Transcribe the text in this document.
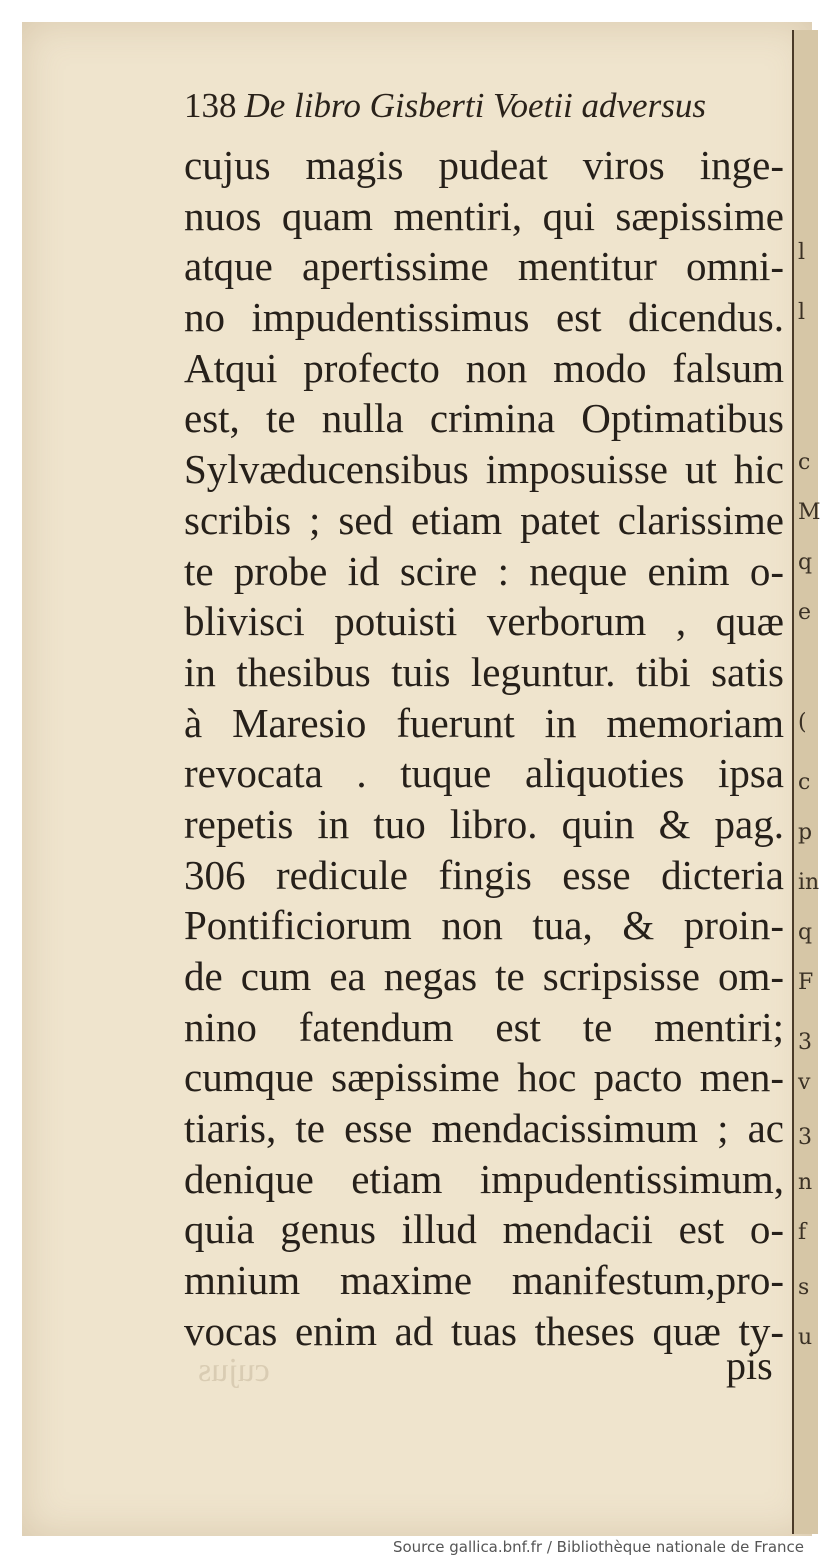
l
l
c
M
q
e
(
c
p
in
q
F
3
v
3
n
f
s
u
138 De libro Gisberti Voetii adversus
cujus magis pudeat viros inge-
nuos quam mentiri, qui sæpissime
atque apertissime mentitur omni-
no impudentissimus est dicendus.
Atqui profecto non modo falsum
est, te nulla crimina Optimatibus
Sylvæducensibus imposuisse ut hic
scribis ; sed etiam patet clarissime
te probe id scire : neque enim o-
blivisci potuisti verborum , quæ
in thesibus tuis leguntur. tibi satis
à Maresio fuerunt in memoriam
revocata . tuque aliquoties ipsa
repetis in tuo libro. quin & pag.
306 redicule fingis esse dicteria
Pontificiorum non tua, & proin-
de cum ea negas te scripsisse om-
nino fatendum est te mentiri;
cumque sæpissime hoc pacto men-
tiaris, te esse mendacissimum ; ac
denique etiam impudentissimum,
quia genus illud mendacii est o-
mnium maxime manifestum,pro-
vocas enim ad tuas theses quæ ty-
cujus	pis
Source gallica.bnf.fr / Bibliothèque nationale de France
